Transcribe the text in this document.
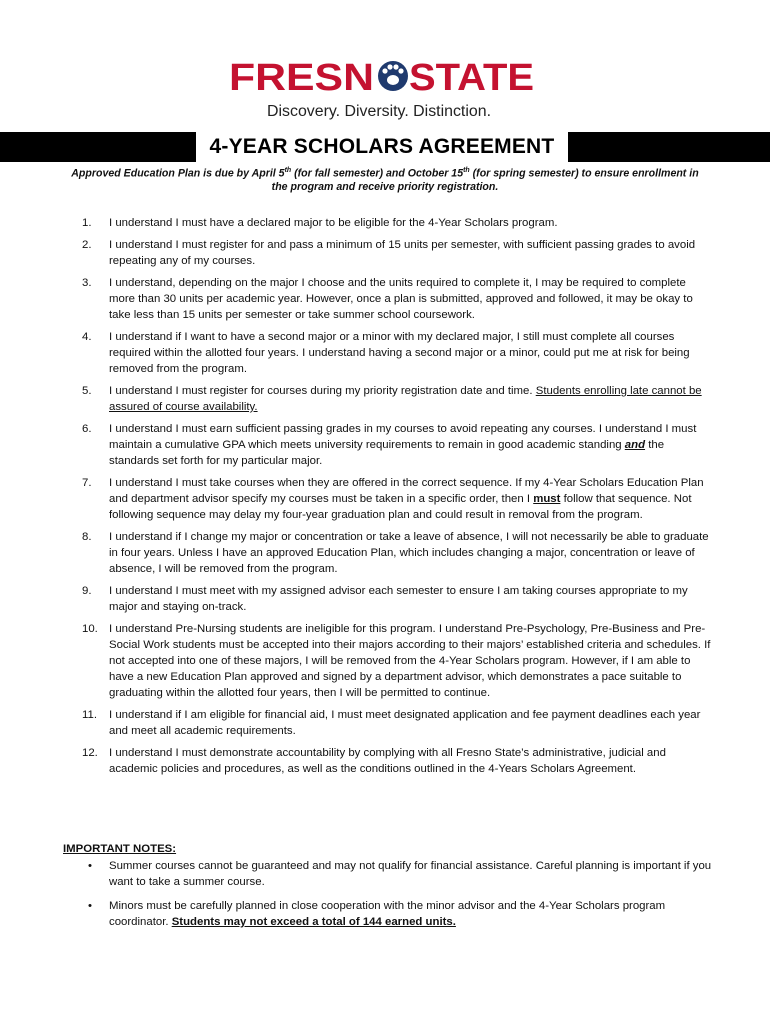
FRESN STATE
Discovery. Diversity. Distinction.
4-YEAR SCHOLARS AGREEMENT
Approved Education Plan is due by April 5th (for fall semester) and October 15th (for spring semester) to ensure enrollment in the program and receive priority registration.
1.	I understand I must have a declared major to be eligible for the 4-Year Scholars program.
2.	I understand I must register for and pass a minimum of 15 units per semester, with sufficient passing grades to avoid repeating any of my courses.
3.	I understand, depending on the major I choose and the units required to complete it, I may be required to complete more than 30 units per academic year. However, once a plan is submitted, approved and followed, it may be okay to take less than 15 units per semester or take summer school coursework.
4.	I understand if I want to have a second major or a minor with my declared major, I still must complete all courses required within the allotted four years. I understand having a second major or a minor, could put me at risk for being removed from the program.
5.	I understand I must register for courses during my priority registration date and time. Students enrolling late cannot be assured of course availability.
6.	I understand I must earn sufficient passing grades in my courses to avoid repeating any courses. I understand I must maintain a cumulative GPA which meets university requirements to remain in good academic standing and the standards set forth for my particular major.
7.	I understand I must take courses when they are offered in the correct sequence. If my 4-Year Scholars Education Plan and department advisor specify my courses must be taken in a specific order, then I must follow that sequence. Not following sequence may delay my four-year graduation plan and could result in removal from the program.
8.	I understand if I change my major or concentration or take a leave of absence, I will not necessarily be able to graduate in four years. Unless I have an approved Education Plan, which includes changing a major, concentration or leave of absence, I will be removed from the program.
9.	I understand I must meet with my assigned advisor each semester to ensure I am taking courses appropriate to my major and staying on-track.
10. I understand Pre-Nursing students are ineligible for this program. I understand Pre-Psychology, Pre-Business and Pre-Social Work students must be accepted into their majors according to their majors’ established criteria and schedules. If not accepted into one of these majors, I will be removed from the 4-Year Scholars program. However, if I am able to have a new Education Plan approved and signed by a department advisor, which demonstrates a pace suitable to graduating within the allotted four years, then I will be permitted to continue.
11.	I understand if I am eligible for financial aid, I must meet designated application and fee payment deadlines each year and meet all academic requirements.
12. I understand I must demonstrate accountability by complying with all Fresno State’s administrative, judicial and academic policies and procedures, as well as the conditions outlined in the 4-Years Scholars Agreement.
IMPORTANT NOTES:
• Summer courses cannot be guaranteed and may not qualify for financial assistance. Careful planning is important if you want to take a summer course.
• Minors must be carefully planned in close cooperation with the minor advisor and the 4-Year Scholars program coordinator. Students may not exceed a total of 144 earned units.
